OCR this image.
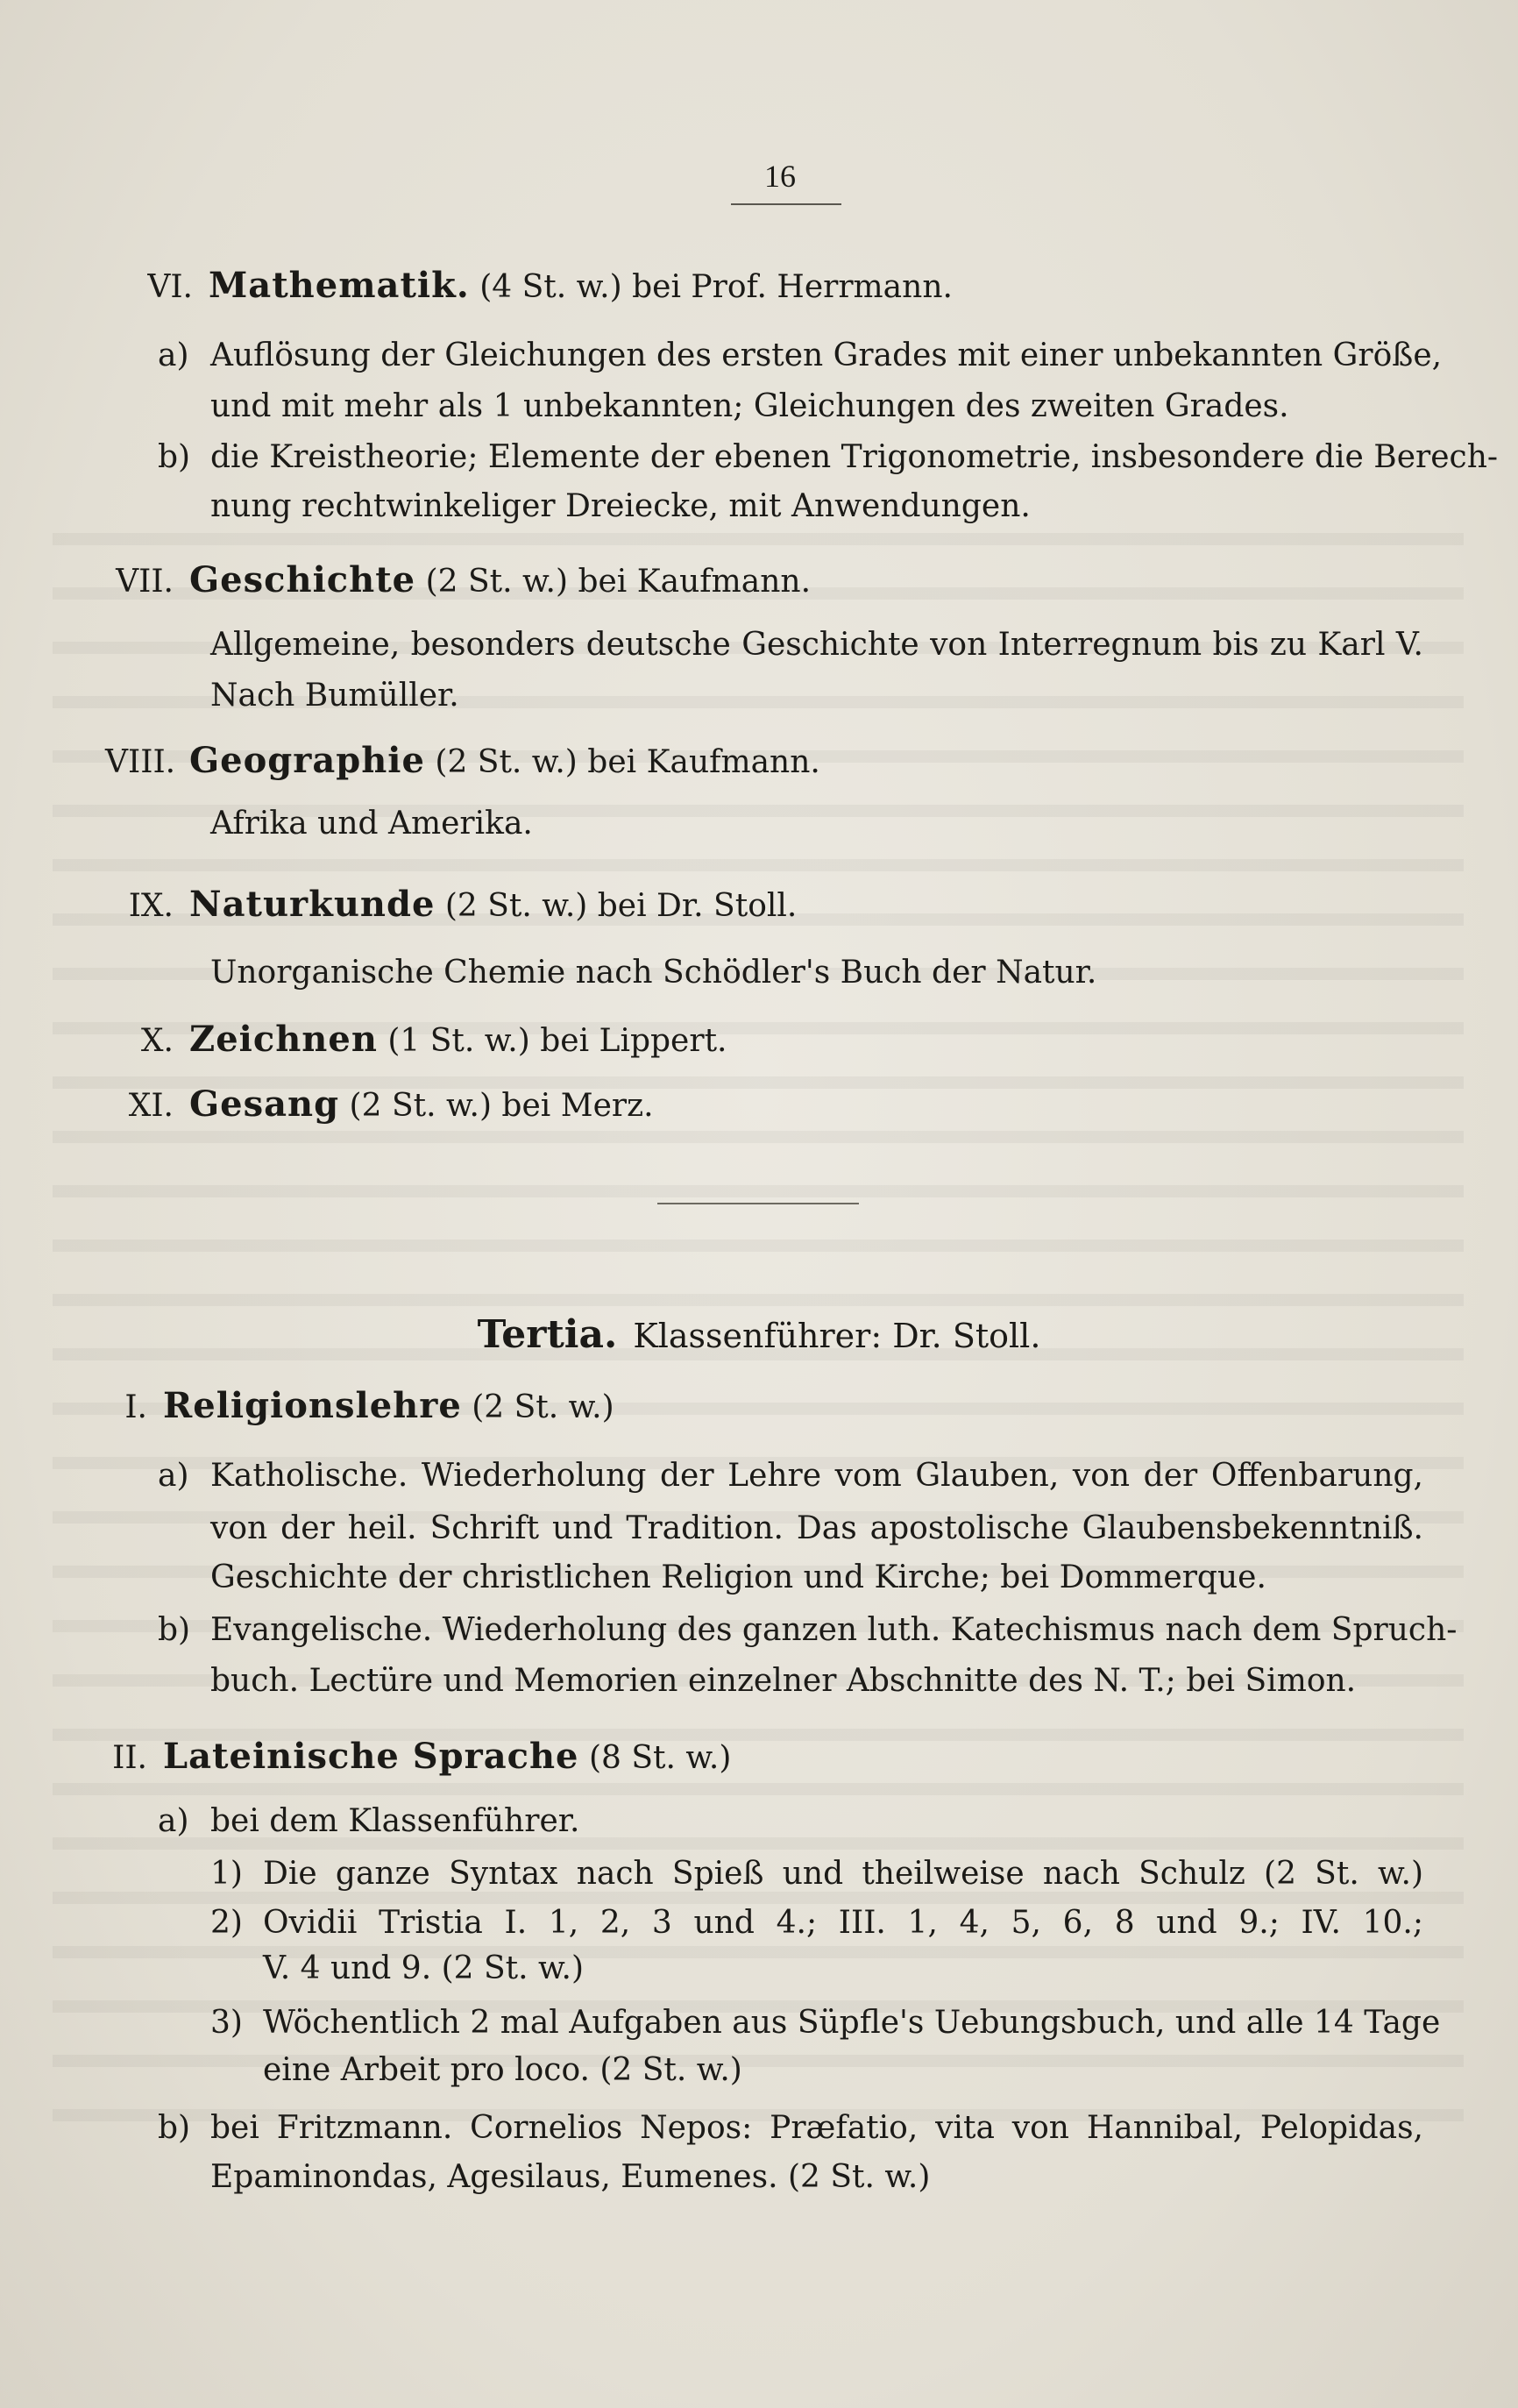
16
VI. Mathematik. (4 St. w.) bei Prof. Herrmann.
a) Auflösung der Gleichungen des ersten Grades mit einer unbekannten Größe,
und mit mehr als 1 unbekannten; Gleichungen des zweiten Grades.
b) die Kreistheorie; Elemente der ebenen Trigonometrie, insbesondere die Berech-
nung rechtwinkeliger Dreiecke, mit Anwendungen.
VII. Geschichte (2 St. w.) bei Kaufmann.
Allgemeine, besonders deutsche Geschichte von Interregnum bis zu Karl V.
Nach Bumüller.
VIII. Geographie (2 St. w.) bei Kaufmann.
Afrika und Amerika.
IX. Naturkunde (2 St. w.) bei Dr. Stoll.
Unorganische Chemie nach Schödler's Buch der Natur.
X. Zeichnen (1 St. w.) bei Lippert.
XI. Gesang (2 St. w.) bei Merz.
Tertia. Klassenführer: Dr. Stoll.
I. Religionslehre (2 St. w.)
a) Katholische. Wiederholung der Lehre vom Glauben, von der Offenbarung,
von der heil. Schrift und Tradition. Das apostolische Glaubensbekenntniß.
Geschichte der christlichen Religion und Kirche; bei Dommerque.
b) Evangelische. Wiederholung des ganzen luth. Katechismus nach dem Spruch-
buch. Lectüre und Memorien einzelner Abschnitte des N. T.; bei Simon.
II. Lateinische Sprache (8 St. w.)
a) bei dem Klassenführer.
1) Die ganze Syntax nach Spieß und theilweise nach Schulz (2 St. w.)
2) Ovidii Tristia I. 1, 2, 3 und 4.; III. 1, 4, 5, 6, 8 und 9.; IV. 10.;
V. 4 und 9. (2 St. w.)
3) Wöchentlich 2 mal Aufgaben aus Süpfle's Uebungsbuch, und alle 14 Tage
eine Arbeit pro loco. (2 St. w.)
b) bei Fritzmann. Cornelios Nepos: Præfatio, vita von Hannibal, Pelopidas,
Epaminondas, Agesilaus, Eumenes. (2 St. w.)
